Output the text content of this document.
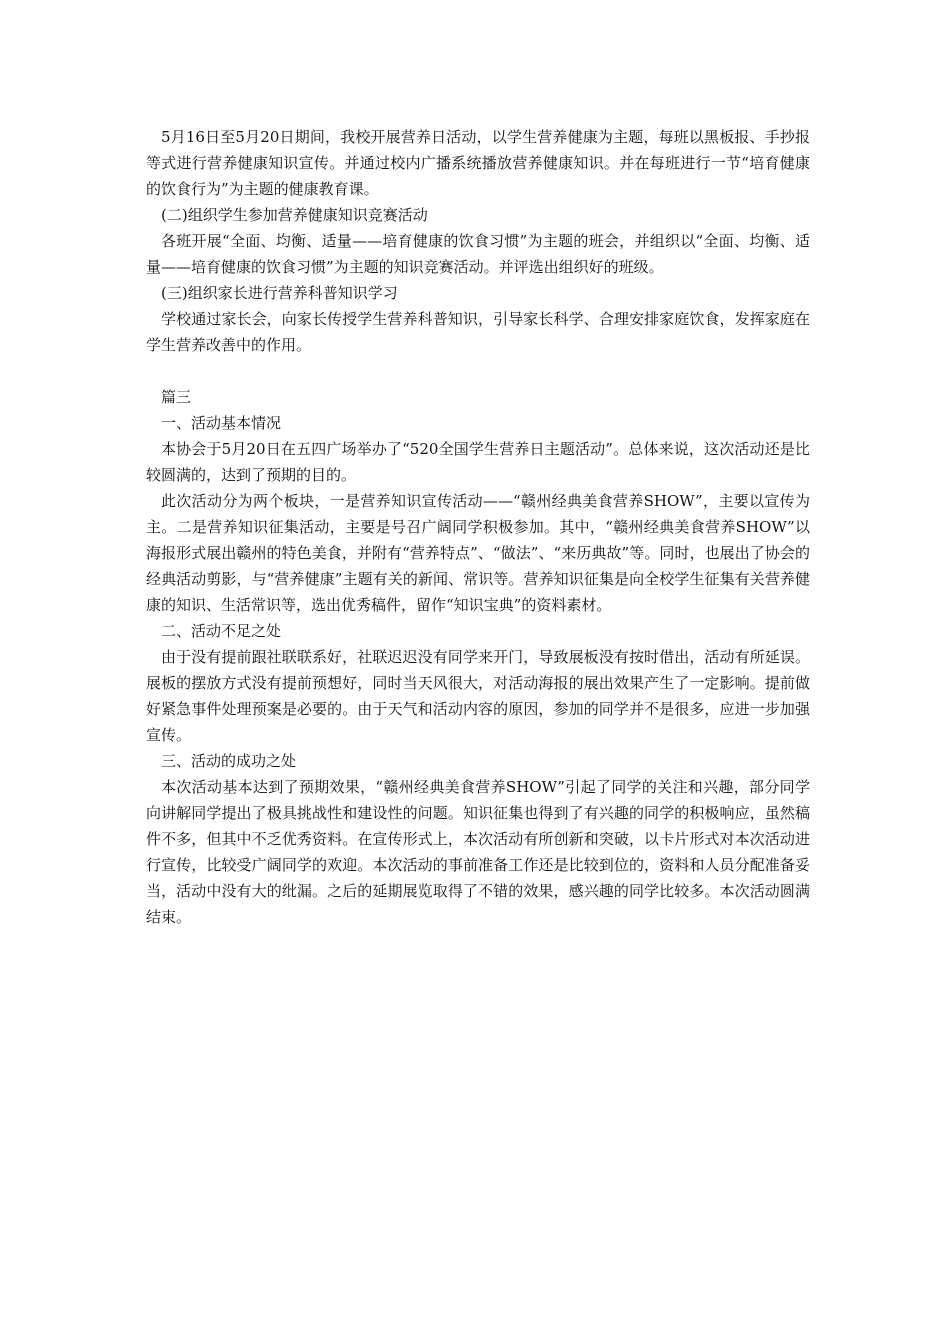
5月16日至5月20日期间，我校开展营养日活动，以学生营养健康为主题，每班以黑板报、手抄报等式进行营养健康知识宣传。并通过校内广播系统播放营养健康知识。并在每班进行一节“培育健康的饮食行为”为主题的健康教育课。

(二)组织学生参加营养健康知识竞赛活动

各班开展“全面、均衡、适量——培育健康的饮食习惯”为主题的班会，并组织以“全面、均衡、适量——培育健康的饮食习惯”为主题的知识竞赛活动。并评选出组织好的班级。

(三)组织家长进行营养科普知识学习

学校通过家长会，向家长传授学生营养科普知识，引导家长科学、合理安排家庭饮食，发挥家庭在学生营养改善中的作用。

篇三

一、活动基本情况

本协会于5月20日在五四广场举办了“520全国学生营养日主题活动”。总体来说，这次活动还是比较圆满的，达到了预期的目的。

此次活动分为两个板块，一是营养知识宣传活动——“赣州经典美食营养SHOW”，主要以宣传为主。二是营养知识征集活动，主要是号召广阔同学积极参加。其中，“赣州经典美食营养SHOW”以海报形式展出赣州的特色美食，并附有“营养特点”、“做法”、“来历典故”等。同时，也展出了协会的经典活动剪影，与“营养健康”主题有关的新闻、常识等。营养知识征集是向全校学生征集有关营养健康的知识、生活常识等，选出优秀稿件，留作“知识宝典”的资料素材。

二、活动不足之处

由于没有提前跟社联联系好，社联迟迟没有同学来开门，导致展板没有按时借出，活动有所延误。展板的摆放方式没有提前预想好，同时当天风很大，对活动海报的展出效果产生了一定影响。提前做好紧急事件处理预案是必要的。由于天气和活动内容的原因，参加的同学并不是很多，应进一步加强宣传。

三、活动的成功之处

本次活动基本达到了预期效果，“赣州经典美食营养SHOW”引起了同学的关注和兴趣，部分同学向讲解同学提出了极具挑战性和建设性的问题。知识征集也得到了有兴趣的同学的积极响应，虽然稿件不多，但其中不乏优秀资料。在宣传形式上，本次活动有所创新和突破，以卡片形式对本次活动进行宣传，比较受广阔同学的欢迎。本次活动的事前准备工作还是比较到位的，资料和人员分配准备妥当，活动中没有大的纰漏。之后的延期展览取得了不错的效果，感兴趣的同学比较多。本次活动圆满结束。
